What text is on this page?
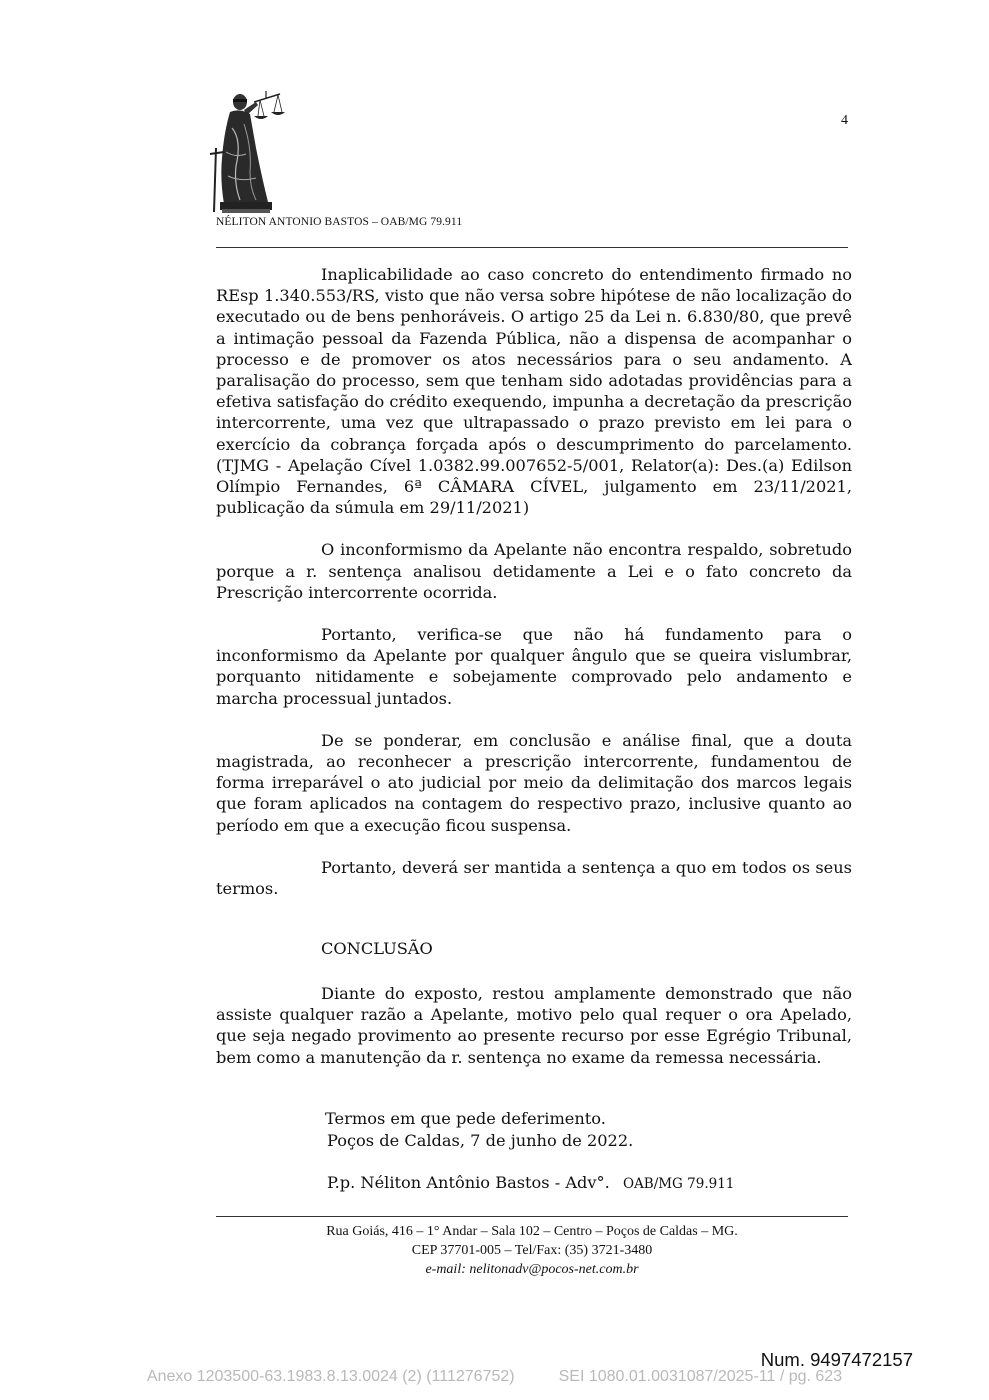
4
NÉLITON ANTONIO BASTOS – OAB/MG 79.911

Inaplicabilidade ao caso concreto do entendimento firmado no REsp 1.340.553/RS, visto que não versa sobre hipótese de não localização do executado ou de bens penhoráveis. O artigo 25 da Lei n. 6.830/80, que prevê a intimação pessoal da Fazenda Pública, não a dispensa de acompanhar o processo e de promover os atos necessários para o seu andamento. A paralisação do processo, sem que tenham sido adotadas providências para a efetiva satisfação do crédito exequendo, impunha a decretação da prescrição intercorrente, uma vez que ultrapassado o prazo previsto em lei para o exercício da cobrança forçada após o descumprimento do parcelamento. (TJMG - Apelação Cível 1.0382.99.007652-5/001, Relator(a): Des.(a) Edilson Olímpio Fernandes, 6ª CÂMARA CÍVEL, julgamento em 23/11/2021, publicação da súmula em 29/11/2021)

O inconformismo da Apelante não encontra respaldo, sobretudo porque a r. sentença analisou detidamente a Lei e o fato concreto da Prescrição intercorrente ocorrida.

Portanto, verifica-se que não há fundamento para o inconformismo da Apelante por qualquer ângulo que se queira vislumbrar, porquanto nitidamente e sobejamente comprovado pelo andamento e marcha processual juntados.

De se ponderar, em conclusão e análise final, que a douta magistrada, ao reconhecer a prescrição intercorrente, fundamentou de forma irreparável o ato judicial por meio da delimitação dos marcos legais que foram aplicados na contagem do respectivo prazo, inclusive quanto ao período em que a execução ficou suspensa.

Portanto, deverá ser mantida a sentença a quo em todos os seus termos.

CONCLUSÃO

Diante do exposto, restou amplamente demonstrado que não assiste qualquer razão a Apelante, motivo pelo qual requer o ora Apelado, que seja negado provimento ao presente recurso por esse Egrégio Tribunal, bem como a manutenção da r. sentença no exame da remessa necessária.

Termos em que pede deferimento.
Poços de Caldas, 7 de junho de 2022.
P.p. Néliton Antônio Bastos - Adv°. OAB/MG 79.911
Rua Goiás, 416 – 1° Andar – Sala 102 – Centro – Poços de Caldas – MG.
CEP 37701-005 – Tel/Fax: (35) 3721-3480
e-mail: nelitonadv@pocos-net.com.br
Num. 9497472157
Anexo 1203500-63.1983.8.13.0024 (2) (111276752)	SEI 1080.01.0031087/2025-11 / pg. 623
